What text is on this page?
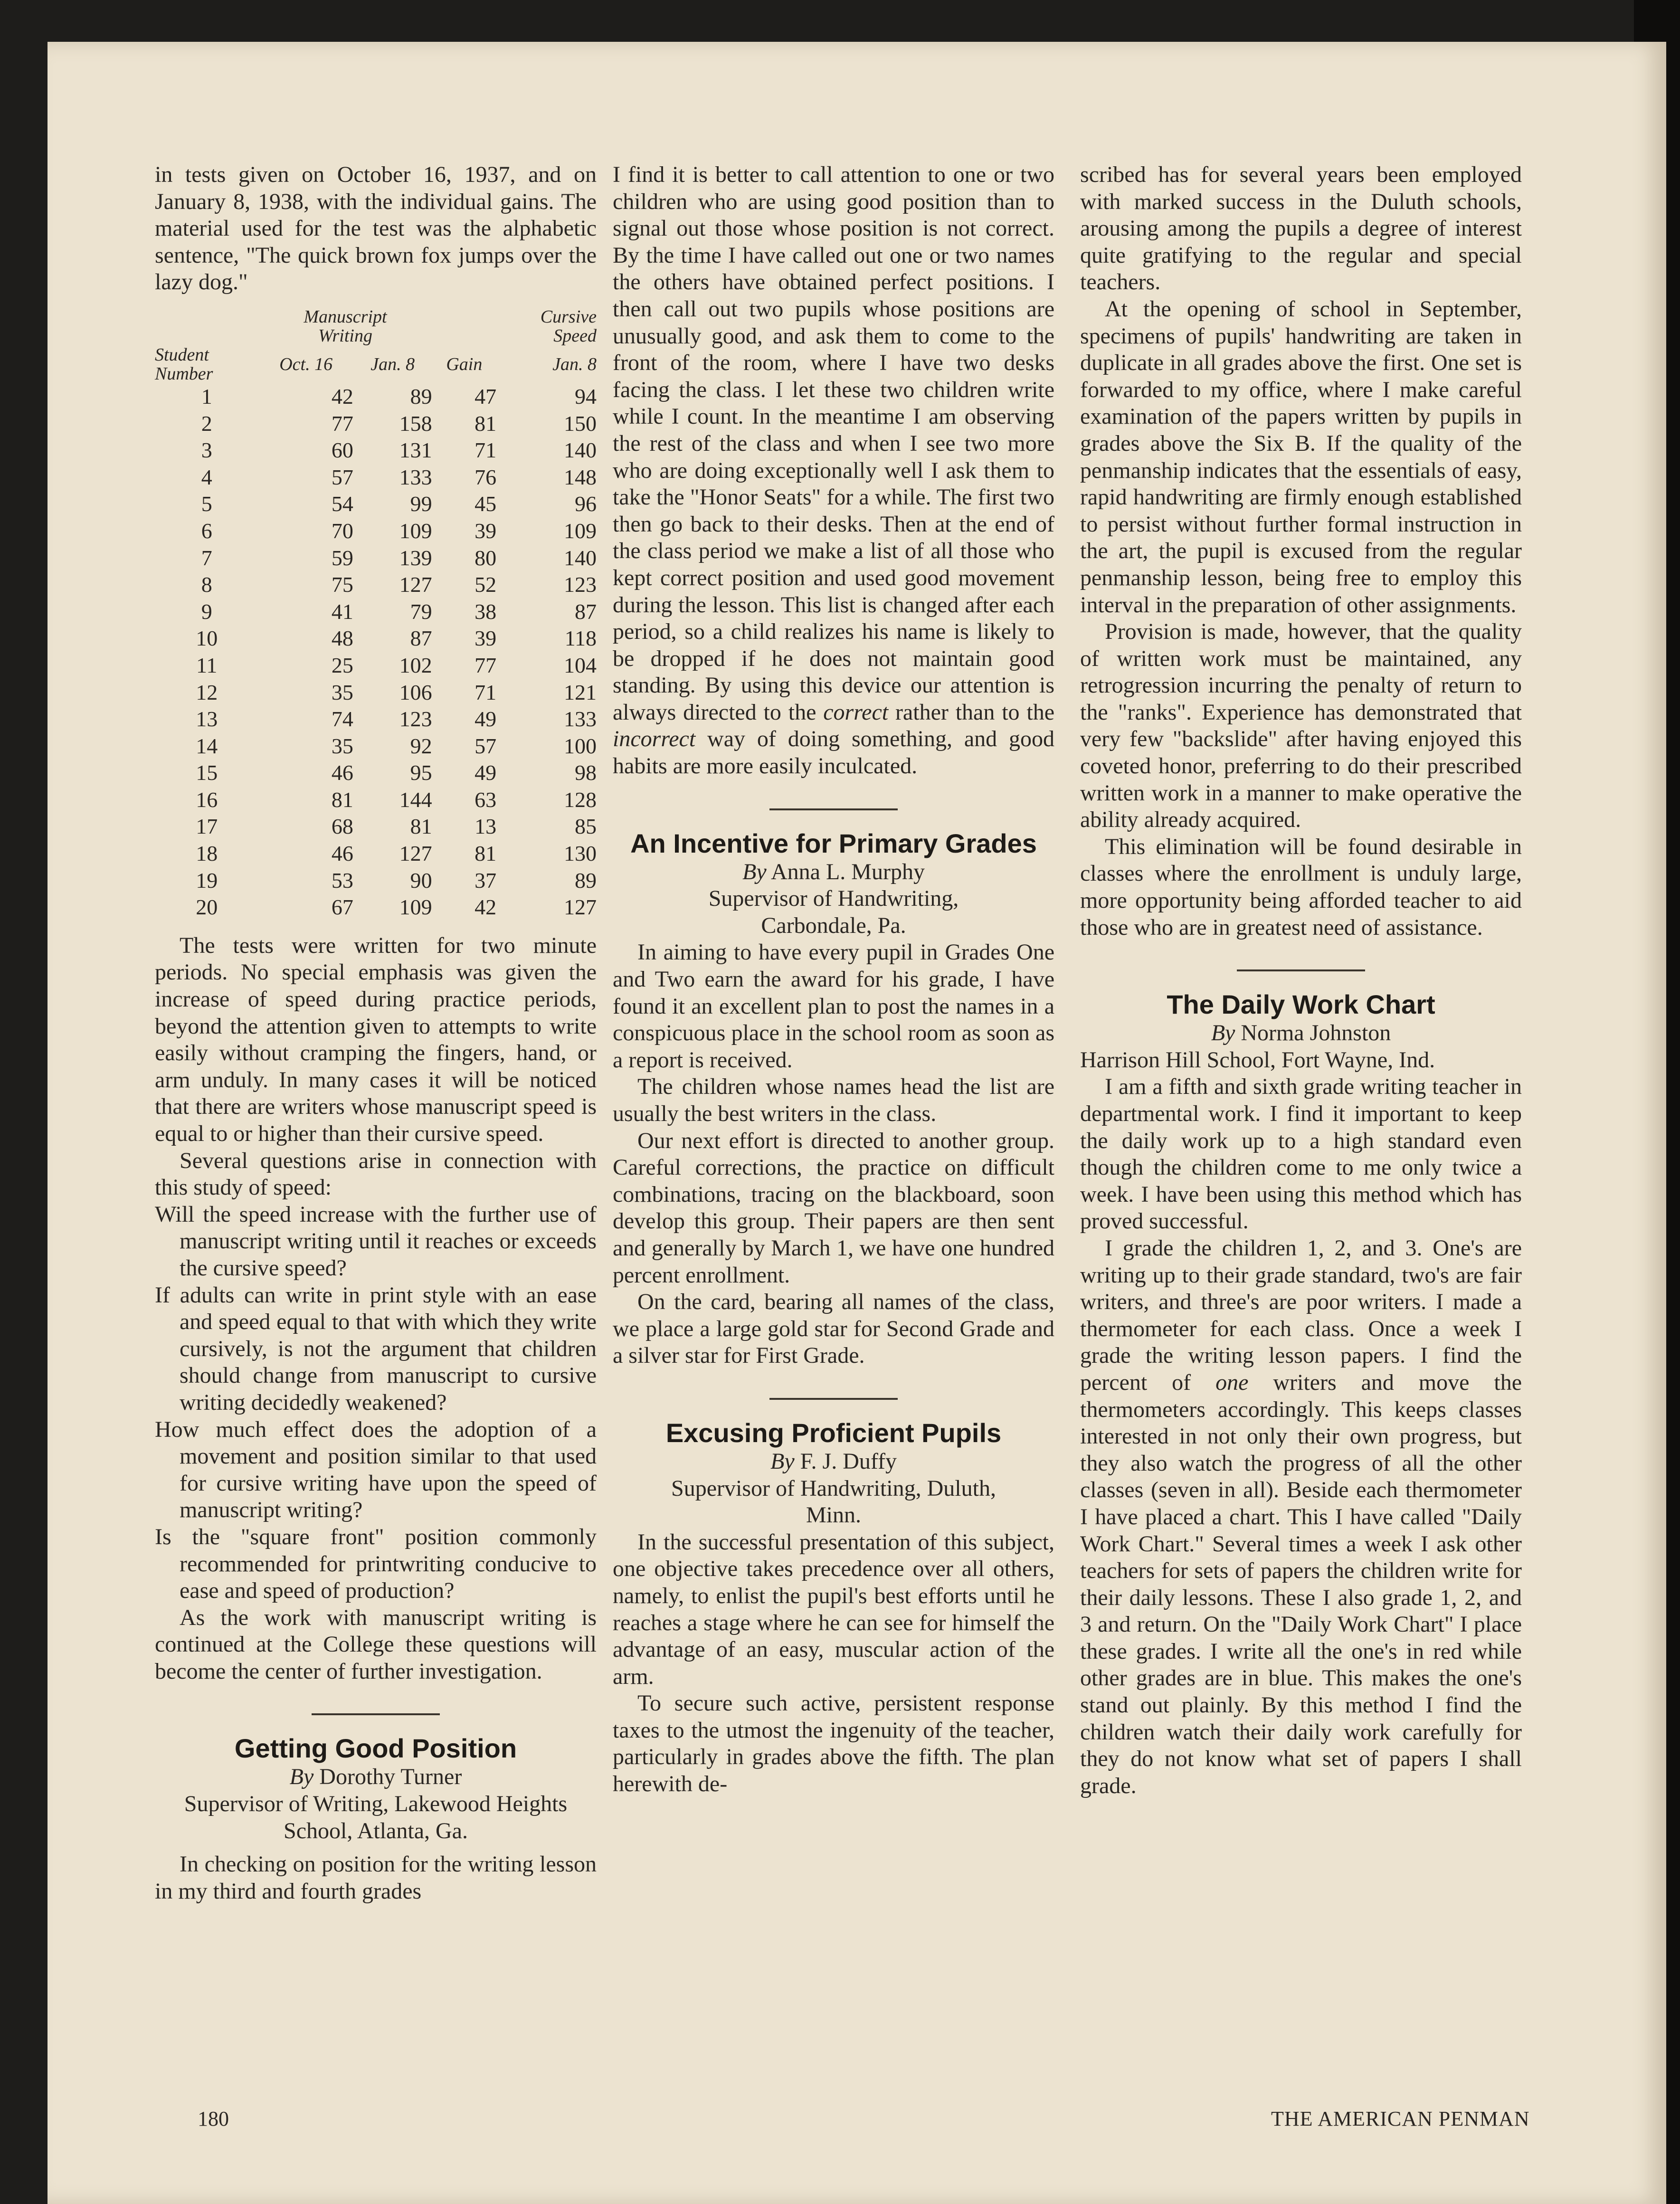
in tests given on October 16, 1937, and on January 8, 1938, with the individual gains. The material used for the test was the alphabetic sentence, "The quick brown fox jumps over the lazy dog."

	Manuscript
Writing			Cursive
Speed
Student
Number	Oct. 16	Jan. 8	Gain	Jan. 8
1	42	89	47	94
2	77	158	81	150
3	60	131	71	140
4	57	133	76	148
5	54	99	45	96
6	70	109	39	109
7	59	139	80	140
8	75	127	52	123
9	41	79	38	87
10	48	87	39	118
11	25	102	77	104
12	35	106	71	121
13	74	123	49	133
14	35	92	57	100
15	46	95	49	98
16	81	144	63	128
17	68	81	13	85
18	46	127	81	130
19	53	90	37	89
20	67	109	42	127

The tests were written for two minute periods. No special emphasis was given the increase of speed during practice periods, beyond the attention given to attempts to write easily without cramping the fingers, hand, or arm unduly. In many cases it will be noticed that there are writers whose manuscript speed is equal to or higher than their cursive speed.

Several questions arise in connection with this study of speed:

Will the speed increase with the further use of manuscript writing until it reaches or exceeds the cursive speed?

If adults can write in print style with an ease and speed equal to that with which they write cursively, is not the argument that children should change from manuscript to cursive writing decidedly weakened?

How much effect does the adoption of a movement and position similar to that used for cursive writing have upon the speed of manuscript writing?

Is the "square front" position commonly recommended for printwriting conducive to ease and speed of production?

As the work with manuscript writing is continued at the College these questions will become the center of further investigation.

Getting Good Position

By Dorothy Turner

Supervisor of Writing, Lakewood Heights School, Atlanta, Ga.

In checking on position for the writing lesson in my third and fourth grades

I find it is better to call attention to one or two children who are using good position than to signal out those whose position is not correct. By the time I have called out one or two names the others have obtained perfect positions. I then call out two pupils whose positions are unusually good, and ask them to come to the front of the room, where I have two desks facing the class. I let these two children write while I count. In the meantime I am observing the rest of the class and when I see two more who are doing exceptionally well I ask them to take the "Honor Seats" for a while. The first two then go back to their desks. Then at the end of the class period we make a list of all those who kept correct position and used good movement during the lesson. This list is changed after each period, so a child realizes his name is likely to be dropped if he does not maintain good standing. By using this device our attention is always directed to the correct rather than to the incorrect way of doing something, and good habits are more easily inculcated.

An Incentive for Primary Grades

By Anna L. Murphy

Supervisor of Handwriting, Carbondale, Pa.

In aiming to have every pupil in Grades One and Two earn the award for his grade, I have found it an excellent plan to post the names in a conspicuous place in the school room as soon as a report is received.

The children whose names head the list are usually the best writers in the class.

Our next effort is directed to another group. Careful corrections, the practice on difficult combinations, tracing on the blackboard, soon develop this group. Their papers are then sent and generally by March 1, we have one hundred percent enrollment.

On the card, bearing all names of the class, we place a large gold star for Second Grade and a silver star for First Grade.

Excusing Proficient Pupils

By F. J. Duffy

Supervisor of Handwriting, Duluth, Minn.

In the successful presentation of this subject, one objective takes precedence over all others, namely, to enlist the pupil's best efforts until he reaches a stage where he can see for himself the advantage of an easy, muscular action of the arm.

To secure such active, persistent response taxes to the utmost the ingenuity of the teacher, particularly in grades above the fifth. The plan herewith de-

scribed has for several years been employed with marked success in the Duluth schools, arousing among the pupils a degree of interest quite gratifying to the regular and special teachers.

At the opening of school in September, specimens of pupils' handwriting are taken in duplicate in all grades above the first. One set is forwarded to my office, where I make careful examination of the papers written by pupils in grades above the Six B. If the quality of the penmanship indicates that the essentials of easy, rapid handwriting are firmly enough established to persist without further formal instruction in the art, the pupil is excused from the regular penmanship lesson, being free to employ this interval in the preparation of other assignments.

Provision is made, however, that the quality of written work must be maintained, any retrogression incurring the penalty of return to the "ranks". Experience has demonstrated that very few "backslide" after having enjoyed this coveted honor, preferring to do their prescribed written work in a manner to make operative the ability already acquired.

This elimination will be found desirable in classes where the enrollment is unduly large, more opportunity being afforded teacher to aid those who are in greatest need of assistance.

The Daily Work Chart

By Norma Johnston

Harrison Hill School, Fort Wayne, Ind.

I am a fifth and sixth grade writing teacher in departmental work. I find it important to keep the daily work up to a high standard even though the children come to me only twice a week. I have been using this method which has proved successful.

I grade the children 1, 2, and 3. One's are writing up to their grade standard, two's are fair writers, and three's are poor writers. I made a thermometer for each class. Once a week I grade the writing lesson papers. I find the percent of one writers and move the thermometers accordingly. This keeps classes interested in not only their own progress, but they also watch the progress of all the other classes (seven in all). Beside each thermometer I have placed a chart. This I have called "Daily Work Chart." Several times a week I ask other teachers for sets of papers the children write for their daily lessons. These I also grade 1, 2, and 3 and return. On the "Daily Work Chart" I place these grades. I write all the one's in red while other grades are in blue. This makes the one's stand out plainly. By this method I find the children watch their daily work carefully for they do not know what set of papers I shall grade.

180	THE AMERICAN PENMAN
